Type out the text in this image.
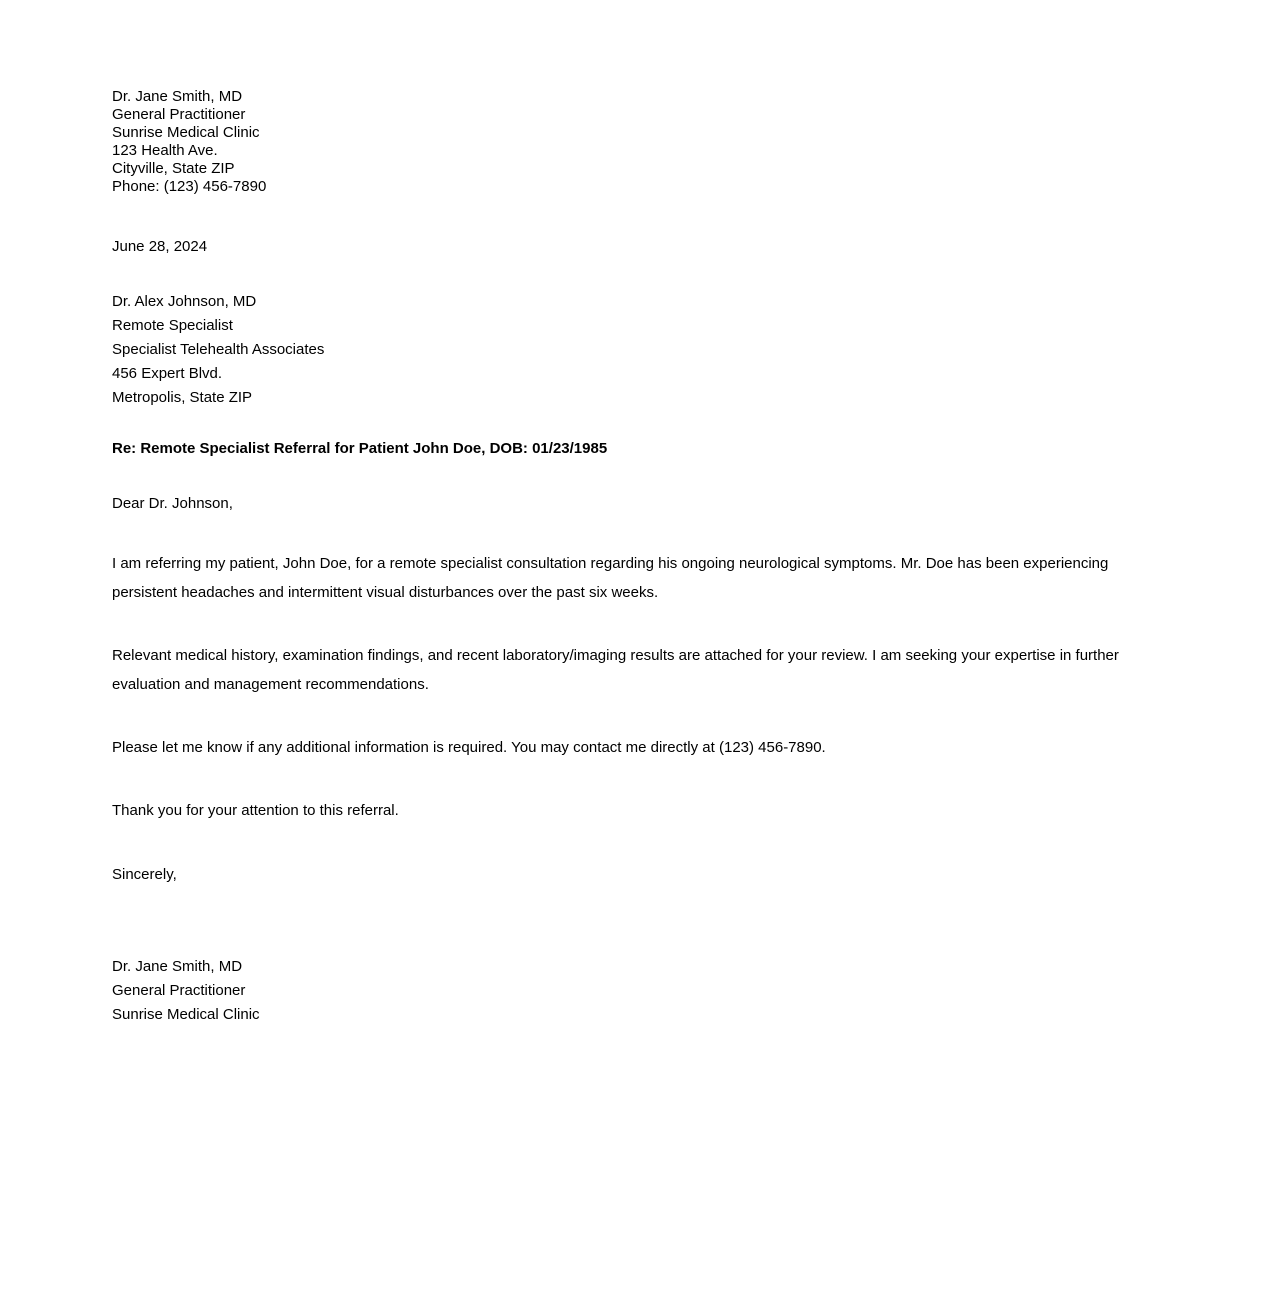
Dr. Jane Smith, MD
General Practitioner
Sunrise Medical Clinic
123 Health Ave.
Cityville, State ZIP
Phone: (123) 456-7890
June 28, 2024
Dr. Alex Johnson, MD
Remote Specialist
Specialist Telehealth Associates
456 Expert Blvd.
Metropolis, State ZIP
Re: Remote Specialist Referral for Patient John Doe, DOB: 01/23/1985
Dear Dr. Johnson,
I am referring my patient, John Doe, for a remote specialist consultation regarding his ongoing neurological symptoms. Mr. Doe has been experiencing persistent headaches and intermittent visual disturbances over the past six weeks.
Relevant medical history, examination findings, and recent laboratory/imaging results are attached for your review. I am seeking your expertise in further evaluation and management recommendations.
Please let me know if any additional information is required. You may contact me directly at (123) 456-7890.
Thank you for your attention to this referral.
Sincerely,
Dr. Jane Smith, MD
General Practitioner
Sunrise Medical Clinic
